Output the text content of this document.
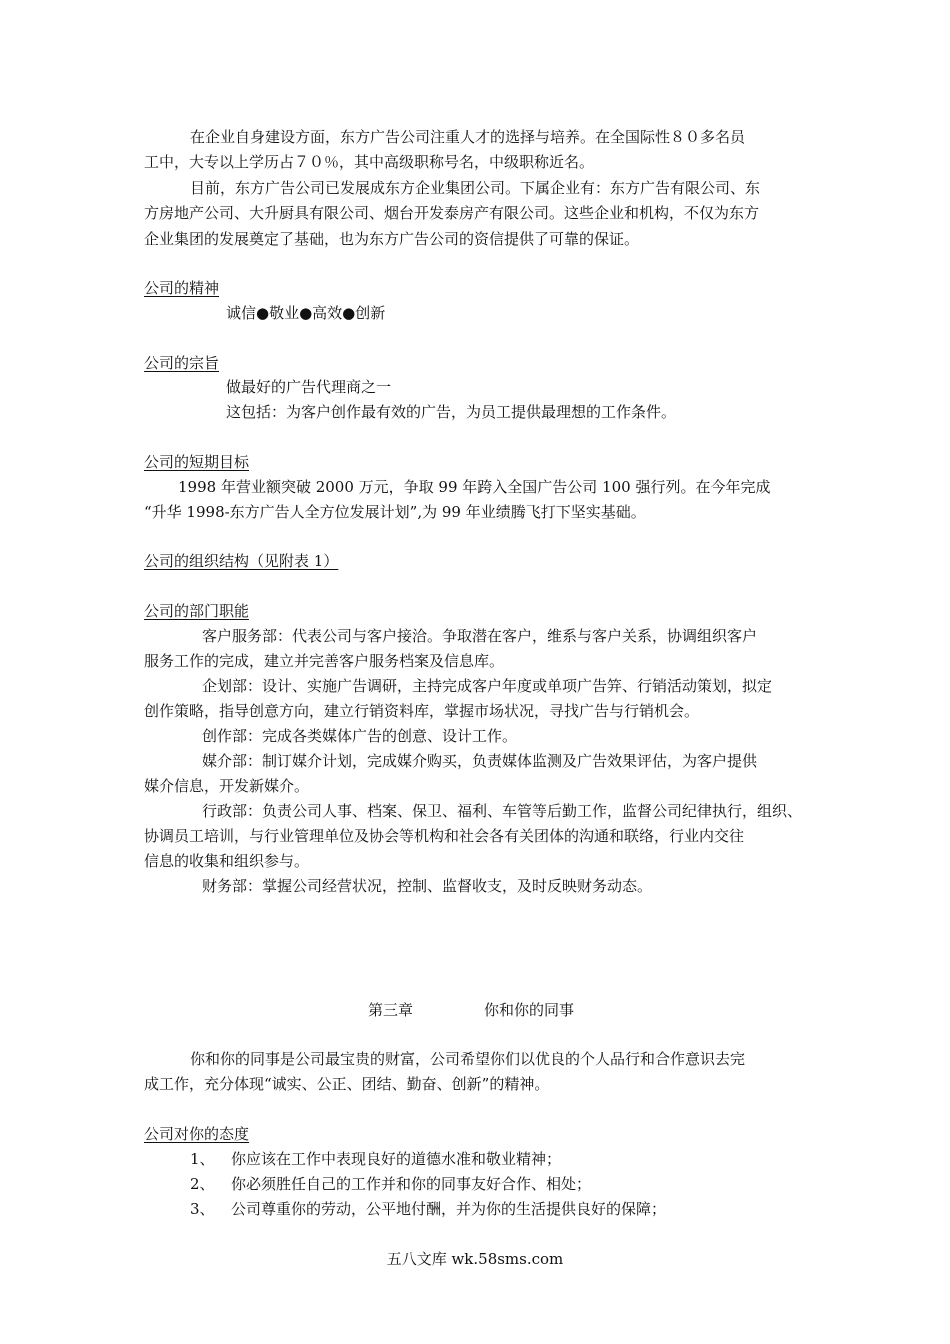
在企业自身建设方面，东方广告公司注重人才的选择与培养。在全国际性８０多名员
工中，大专以上学历占７０％，其中高级职称号名，中级职称近名。
目前，东方广告公司已发展成东方企业集团公司。下属企业有：东方广告有限公司、东
方房地产公司、大升厨具有限公司、烟台开发泰房产有限公司。这些企业和机构，不仅为东方
企业集团的发展奠定了基础，也为东方广告公司的资信提供了可靠的保证。
公司的精神
诚信●敬业●高效●创新
公司的宗旨
做最好的广告代理商之一
这包括：为客户创作最有效的广告，为员工提供最理想的工作条件。
公司的短期目标
1998 年营业额突破 2000 万元，争取 99 年跨入全国广告公司 100 强行列。在今年完成
“升华 1998-东方广告人全方位发展计划”,为 99 年业绩腾飞打下坚实基础。
公司的组织结构（见附表 1）
公司的部门职能
客户服务部：代表公司与客户接洽。争取潜在客户，维系与客户关系，协调组织客户
服务工作的完成，建立并完善客户服务档案及信息库。
企划部：设计、实施广告调研，主持完成客户年度或单项广告笄、行销活动策划，拟定
创作策略，指导创意方向，建立行销资料库，掌握市场状况，寻找广告与行销机会。
创作部：完成各类媒体广告的创意、设计工作。
媒介部：制订媒介计划，完成媒介购买，负责媒体监测及广告效果评估，为客户提供
媒介信息，开发新媒介。
行政部：负责公司人事、档案、保卫、福利、车管等后勤工作，监督公司纪律执行，组织、
协调员工培训，与行业管理单位及协会等机构和社会各有关团体的沟通和联络，行业内交往
信息的收集和组织参与。
财务部：掌握公司经营状况，控制、监督收支，及时反映财务动态。
第三章	你和你的同事
你和你的同事是公司最宝贵的财富，公司希望你们以优良的个人品行和合作意识去完
成工作，充分体现“诚实、公正、团结、勤奋、创新”的精神。
公司对你的态度
1、 你应该在工作中表现良好的道德水准和敬业精神；
2、 你必须胜任自己的工作并和你的同事友好合作、相处；
3、 公司尊重你的劳动，公平地付酬，并为你的生活提供良好的保障；
五八文库 wk.58sms.com
